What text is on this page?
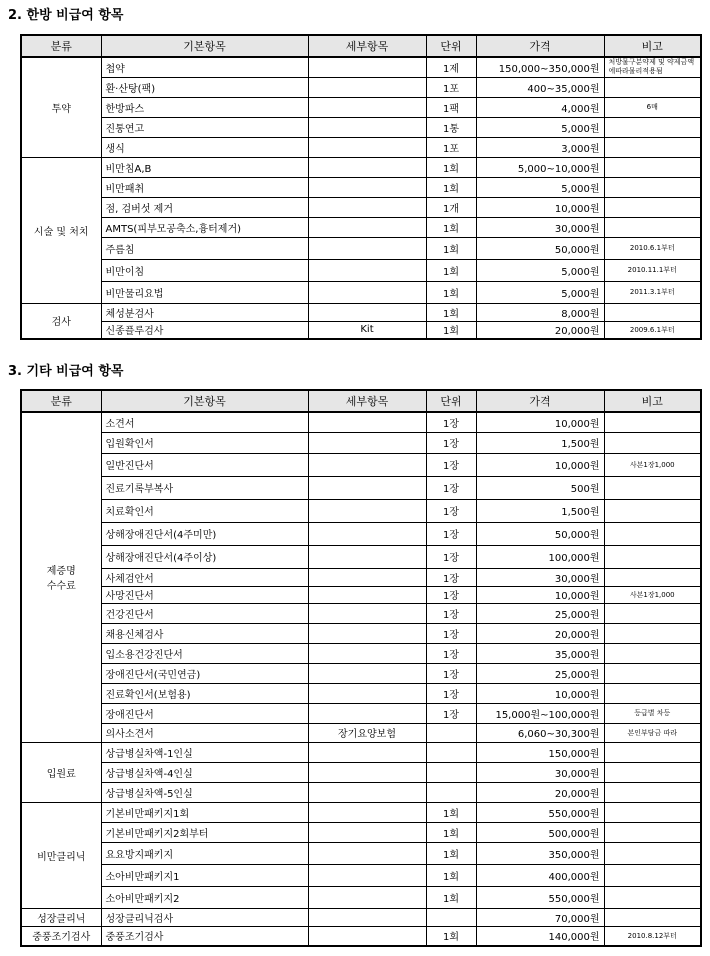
2. 한방 비급여 항목
분류	기본항목	세부항목	단위	가격	비고
투약	첩약		1제	150,000~350,000원	처방물구분약제 및 약제금액에따라물리적용됨
	환·산탕(팩)		1포	400~35,000원	
	한방파스		1팩	4,000원	6매
	진통연고		1통	5,000원	
	생식		1포	3,000원	
시술 및 처치	비만침A,B		1회	5,000~10,000원	
	비만패취		1회	5,000원	
	점, 검버섯 제거		1개	10,000원	
	AMTS(피부모공축소,흉터제거)		1회	30,000원	
	주름침		1회	50,000원	2010.6.1부터
	비만이침		1회	5,000원	2010.11.1부터
	비만물리요법		1회	5,000원	2011.3.1부터
검사	체성분검사		1회	8,000원	
	신종플루검사	Kit	1회	20,000원	2009.6.1부터
3. 기타 비급여 항목
분류	기본항목	세부항목	단위	가격	비고
제증명
수수료	소견서		1장	10,000원	
	입원확인서		1장	1,500원	
	일반진단서		1장	10,000원	사본1장1,000
	진료기록부복사		1장	500원	
	치료확인서		1장	1,500원	
	상해장애진단서(4주미만)		1장	50,000원	
	상해장애진단서(4주이상)		1장	100,000원	
	사체검안서		1장	30,000원	
	사망진단서		1장	10,000원	사본1장1,000
	건강진단서		1장	25,000원	
	채용신체검사		1장	20,000원	
	입소용건강진단서		1장	35,000원	
	장애진단서(국민연금)		1장	25,000원	
	진료확인서(보험용)		1장	10,000원	
	장애진단서		1장	15,000원~100,000원	등급별 차등
	의사소견서	장기요양보험		6,060~30,300원	본인부담금 따라
입원료	상급병실차액-1인실			150,000원	
	상급병실차액-4인실			30,000원	
	상급병실차액-5인실			20,000원	
비만클리닉	기본비만패키지1회		1회	550,000원	
	기본비만패키지2회부터		1회	500,000원	
	요요방지패키지		1회	350,000원	
	소아비만패키지1		1회	400,000원	
	소아비만패키지2		1회	550,000원	
성장클리닉	성장클리닉검사			70,000원	
중풍조기검사	중풍조기검사		1회	140,000원	2010.8.12부터
